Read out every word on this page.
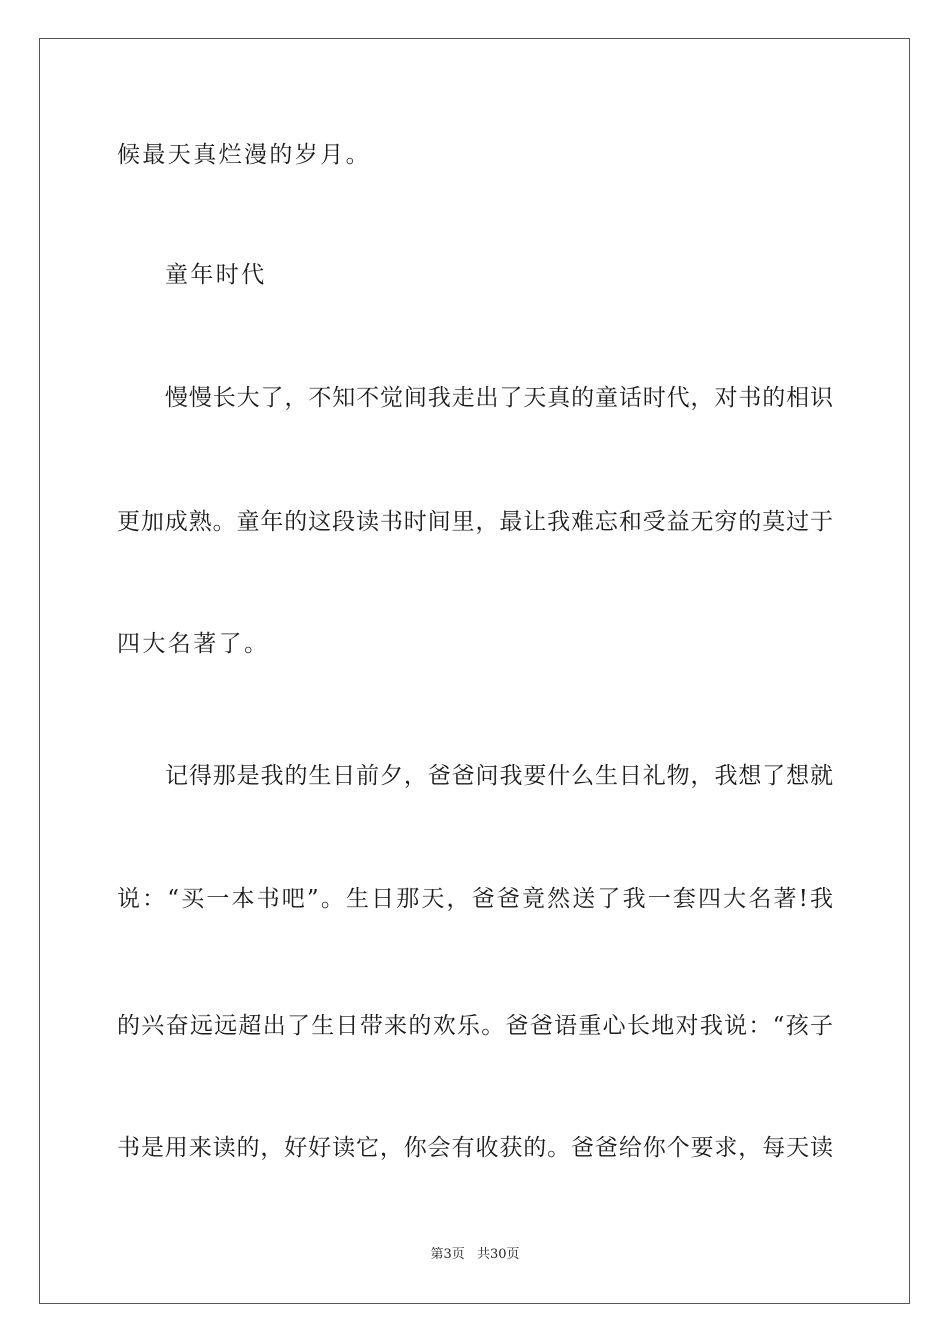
候最天真烂漫的岁月。
童年时代
慢慢长大了，不知不觉间我走出了天真的童话时代，对书的相识
更加成熟。童年的这段读书时间里，最让我难忘和受益无穷的莫过于
四大名著了。
记得那是我的生日前夕，爸爸问我要什么生日礼物，我想了想就
说：“买一本书吧”。生日那天，爸爸竟然送了我一套四大名著!我
的兴奋远远超出了生日带来的欢乐。爸爸语重心长地对我说：“孩子
书是用来读的，好好读它，你会有收获的。爸爸给你个要求，每天读
第3页 共30页
